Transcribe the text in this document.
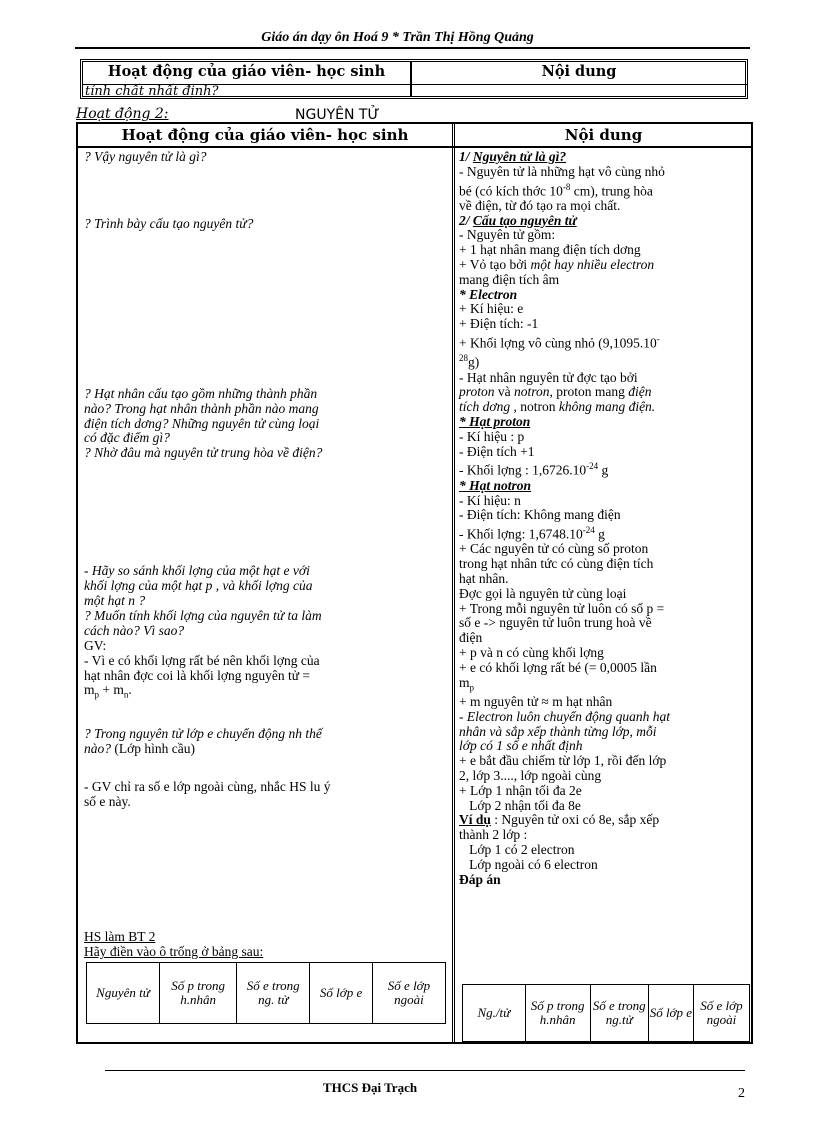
Giáo án dạy ôn Hoá 9 * Trần Thị Hồng Quảng
Hoạt động của giáo viên- học sinh	Nội dung
tính chất nhất định?
Hoạt động 2:	NGUYÊN TỬ
Hoạt động của giáo viên- học sinh	Nội dung
? Vậy nguyên tử là gì?
? Trình bày cấu tạo nguyên tử?
? Hạt nhân cấu tạo gồm những thành phần
nào? Trong hạt nhân thành phần nào mang
điện tích dơng? Những nguyên tử cùng loại
có đặc điểm gì?
? Nhờ đâu mà nguyên tử trung hòa về điện?
- Hãy so sánh khối lợng của một hạt e với
khối lợng của một hạt p , và khối lợng của
một hạt n ?
? Muốn tính khối lợng của nguyên tử ta làm
cách nào? Vì sao?
GV:
- Vì e có khối lợng rất bé nên khối lợng của
hạt nhân đợc coi là khối lợng nguyên tử =
$m_p + m_n$.
? Trong nguyên tử lớp e chuyển động nh thế
nào? (Lớp hình cầu)
- GV chỉ ra số e lớp ngoài cùng, nhắc HS lu ý
số e này.
HS làm BT 2
Hãy điền vào ô trống ở bảng sau:
Nguyên tử	Số p trong h.nhân	Số e trong ng. tử	Số lớp e	Số e lớp ngoài
1/ Nguyên tử là gì?
- Nguyên tử là những hạt vô cùng nhỏ
bé (có kích thớc $10^{-8}$ cm), trung hòa
về điện, từ đó tạo ra mọi chất.
2/ Cấu tạo nguyên tử
- Nguyên tử gồm:
+ 1 hạt nhân mang điện tích dơng
+ Vỏ tạo bởi một hay nhiều electron
mang điện tích âm
* Electron
+ Kí hiệu: e
+ Điện tích: -1
+ Khối lợng vô cùng nhỏ (9,1095.10-
$^{28}$g)
- Hạt nhân nguyên tử đợc tạo bởi
proton và notron, proton mang điện
tích dơng , notron không mang điện.
* Hạt proton
- Kí hiệu : p
- Điện tích +1
- Khối lợng : $1,6726.10^{-24}$ g
* Hạt notron
- Kí hiệu: n
- Điện tích: Không mang điện
- Khối lợng: $1,6748.10^{-24}$ g
+ Các nguyên tử có cùng số proton
trong hạt nhân tức có cùng điện tích
hạt nhân.
Đợc gọi là nguyên tử cùng loại
+ Trong mỗi nguyên tử luôn có số p =
số e -> nguyên tử luôn trung hoà về
điện
+ p và n có cùng khối lợng
+ e có khối lợng rất bé (= 0,0005 lần
$m_p$
+ m nguyên tử ≈ m hạt nhân
- Electron luôn chuyển động quanh hạt
nhân và sắp xếp thành từng lớp, mỗi
lớp có 1 số e nhất định
+ e bắt đầu chiếm từ lớp 1, rồi đến lớp
2, lớp 3...., lớp ngoài cùng
+ Lớp 1 nhận tối đa 2e
Lớp 2 nhận tối đa 8e
Ví dụ : Nguyên tử oxi có 8e, sắp xếp
thành 2 lớp :
Lớp 1 có 2 electron
Lớp ngoài có 6 electron
Đáp án
Ng./tử	Số p trong h.nhân	Số e trong ng.tử	Số lớp e	Số e lớp ngoài
THCS Đại Trạch	2
